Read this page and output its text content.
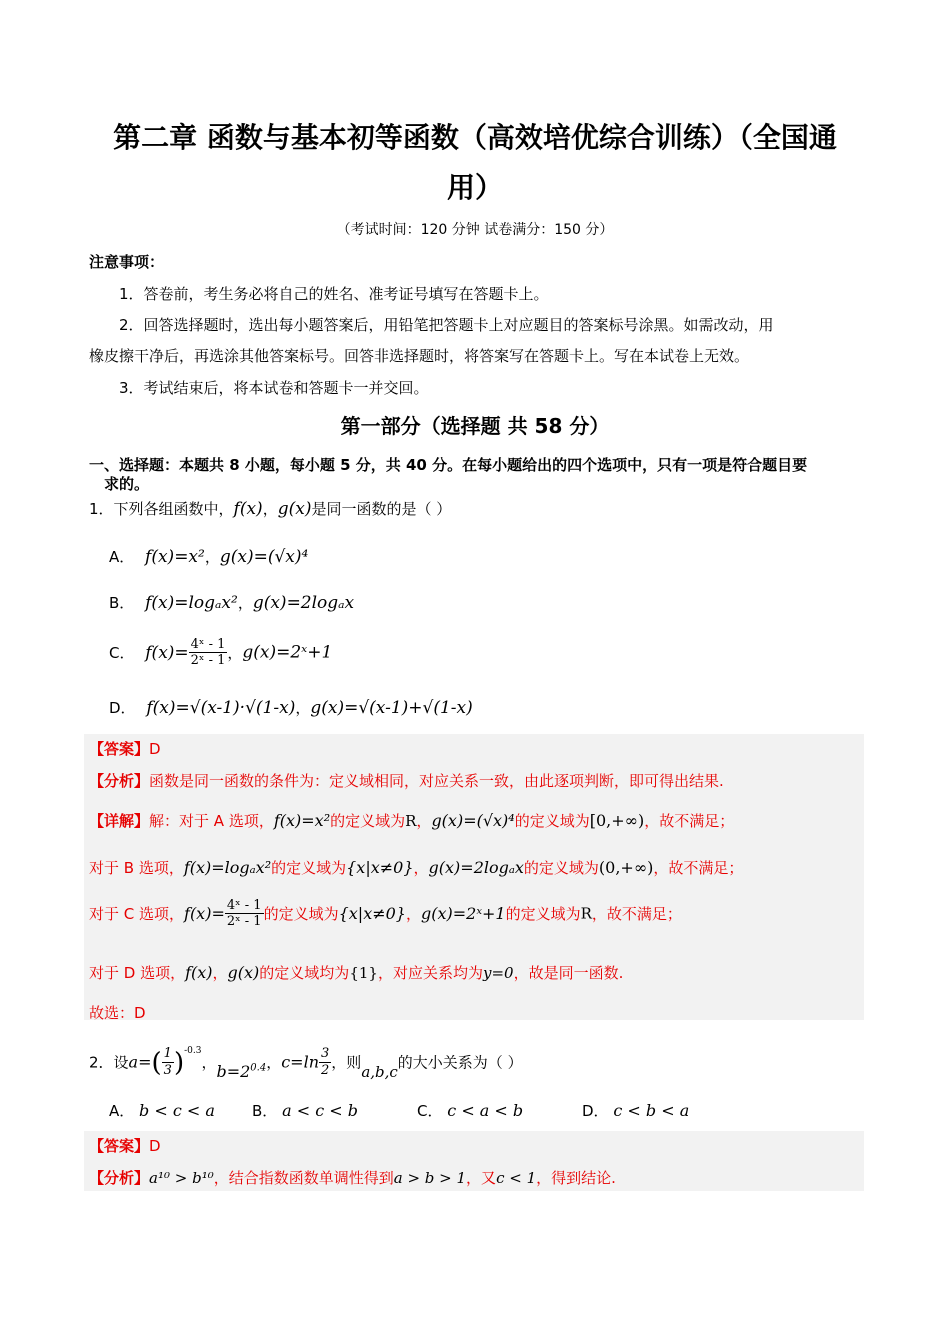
第二章 函数与基本初等函数（高效培优综合训练）（全国通
用）
（考试时间：120 分钟 试卷满分：150 分）
注意事项：
1．答卷前，考生务必将自己的姓名、准考证号填写在答题卡上。
2．回答选择题时，选出每小题答案后，用铅笔把答题卡上对应题目的答案标号涂黑。如需改动，用
橡皮擦干净后，再选涂其他答案标号。回答非选择题时，将答案写在答题卡上。写在本试卷上无效。
3．考试结束后，将本试卷和答题卡一并交回。
第一部分（选择题 共 58 分）
一、选择题：本题共 8 小题，每小题 5 分，共 40 分。在每小题给出的四个选项中，只有一项是符合题目要
求的。
1．下列各组函数中，f(x)，g(x)是同一函数的是（ ）
A． f(x)=x²，g(x)=(√x)⁴
B． f(x)=logₐx²，g(x)=2logₐx
C． $f(x)= \frac{\text{4ˣ - 1}}{\text{2ˣ - 1}}$ ，g(x)=2ˣ+1
D． f(x)=√(x-1)·√(1-x)，g(x)=√(x-1)+√(1-x)
【答案】D
【分析】函数是同一函数的条件为：定义域相同，对应关系一致，由此逐项判断，即可得出结果.
【详解】解：对于 A 选项，f(x)=x²的定义域为R，g(x)=(√x)⁴的定义域为[0,+∞)，故不满足；
对于 B 选项，f(x)=logₐx²的定义域为{x|x≠0}，g(x)=2logₐx的定义域为(0,+∞)，故不满足；
对于 C 选项，$f(x)= \frac{\text{4ˣ - 1}}{\text{2ˣ - 1}}$ 的定义域为{x|x≠0}，g(x)=2ˣ+1的定义域为R，故不满足；
对于 D 选项，f(x)，g(x)的定义域均为{1}，对应关系均为y=0，故是同一函数.
故选：D
2．设$a=( \frac{1}{3} )^{-0.3}$，$b=2^{0.4}$，$c=\ln \frac{3}{2}$ ，则a,b,c的大小关系为（ ）
A． b < c < a B． a < c < b	C． c < a < b	D． c < b < a
【答案】D
【分析】a¹⁰ > b¹⁰，结合指数函数单调性得到a > b > 1，又c < 1，得到结论.
